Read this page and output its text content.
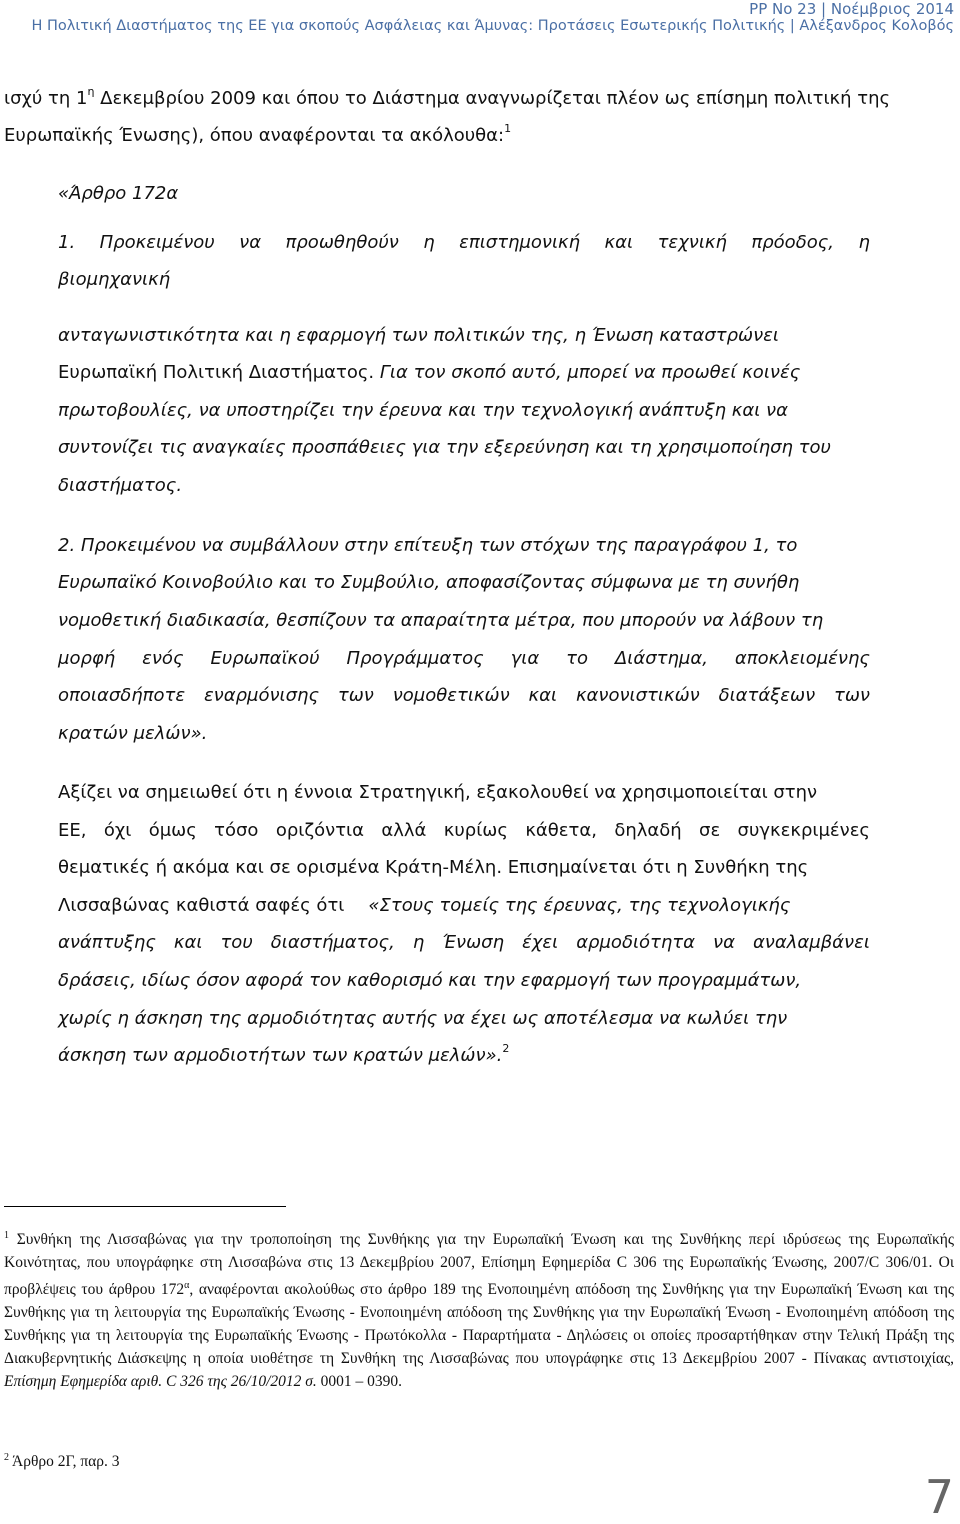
PP No 23 | Νοέμβριος 2014
Η Πολιτική Διαστήματος της ΕΕ για σκοπούς Ασφάλειας και Άμυνας: Προτάσεις Εσωτερικής Πολιτικής | Αλέξανδρος Κολοβός
ισχύ τη $1^\eta$ Δεκεμβρίου 2009 και όπου το Διάστημα αναγνωρίζεται πλέον ως επίσημη πολιτική της
Ευρωπαϊκής Ένωσης), όπου αναφέρονται τα ακόλουθα:$^1$
«Άρθρο 172α
1. Προκειμένου να προωθηθούν η επιστημονική και τεχνική πρόοδος, η
βιομηχανική
ανταγωνιστικότητα και η εφαρμογή των πολιτικών της, η Ένωση καταστρώνει
Ευρωπαϊκή Πολιτική Διαστήματος. Για τον σκοπό αυτό, μπορεί να προωθεί κοινές
πρωτοβουλίες, να υποστηρίζει την έρευνα και την τεχνολογική ανάπτυξη και να
συντονίζει τις αναγκαίες προσπάθειες για την εξερεύνηση και τη χρησιμοποίηση του
διαστήματος.
2. Προκειμένου να συμβάλλουν στην επίτευξη των στόχων της παραγράφου 1, το
Ευρωπαϊκό Κοινοβούλιο και το Συμβούλιο, αποφασίζοντας σύμφωνα με τη συνήθη
νομοθετική διαδικασία, θεσπίζουν τα απαραίτητα μέτρα, που μπορούν να λάβουν τη
μορφή ενός Ευρωπαϊκού Προγράμματος για το Διάστημα, αποκλειομένης
οποιασδήποτε εναρμόνισης των νομοθετικών και κανονιστικών διατάξεων των
κρατών μελών».
Αξίζει να σημειωθεί ότι η έννοια Στρατηγική, εξακολουθεί να χρησιμοποιείται στην
ΕΕ, όχι όμως τόσο οριζόντια αλλά κυρίως κάθετα, δηλαδή σε συγκεκριμένες
θεματικές ή ακόμα και σε ορισμένα Κράτη-Μέλη. Επισημαίνεται ότι η Συνθήκη της
Λισσαβώνας καθιστά σαφές ότι «Στους τομείς της έρευνας, της τεχνολογικής
ανάπτυξης και του διαστήματος, η Ένωση έχει αρμοδιότητα να αναλαμβάνει
δράσεις, ιδίως όσον αφορά τον καθορισμό και την εφαρμογή των προγραμμάτων,
χωρίς η άσκηση της αρμοδιότητας αυτής να έχει ως αποτέλεσμα να κωλύει την
άσκηση των αρμοδιοτήτων των κρατών μελών».$^2$
$^1$ Συνθήκη της Λισσαβώνας για την τροποποίηση της Συνθήκης για την Ευρωπαϊκή Ένωση και της Συνθήκης περί ιδρύσεως της Ευρωπαϊκής Κοινότητας, που υπογράφηκε στη Λισσαβώνα στις 13 Δεκεμβρίου 2007, Επίσημη Εφημερίδα C 306 της Ευρωπαϊκής Ένωσης, 2007/C 306/01. Οι προβλέψεις του άρθρου $172^\alpha$, αναφέρονται ακολούθως στο άρθρο 189 της Ενοποιημένη απόδοση της Συνθήκης για την Ευρωπαϊκή Ένωση και της Συνθήκης για τη λειτουργία της Ευρωπαϊκής Ένωσης - Ενοποιημένη απόδοση της Συνθήκης για την Ευρωπαϊκή Ένωση - Ενοποιημένη απόδοση της Συνθήκης για τη λειτουργία της Ευρωπαϊκής Ένωσης - Πρωτόκολλα - Παραρτήματα - Δηλώσεις οι οποίες προσαρτήθηκαν στην Τελική Πράξη της Διακυβερνητικής Διάσκεψης η οποία υιοθέτησε τη Συνθήκη της Λισσαβώνας που υπογράφηκε στις 13 Δεκεμβρίου 2007 - Πίνακας αντιστοιχίας, Επίσημη Εφημερίδα αριθ. C 326 της 26/10/2012 σ. 0001 – 0390.
$^2$ Άρθρο 2Γ, παρ. 3
7
